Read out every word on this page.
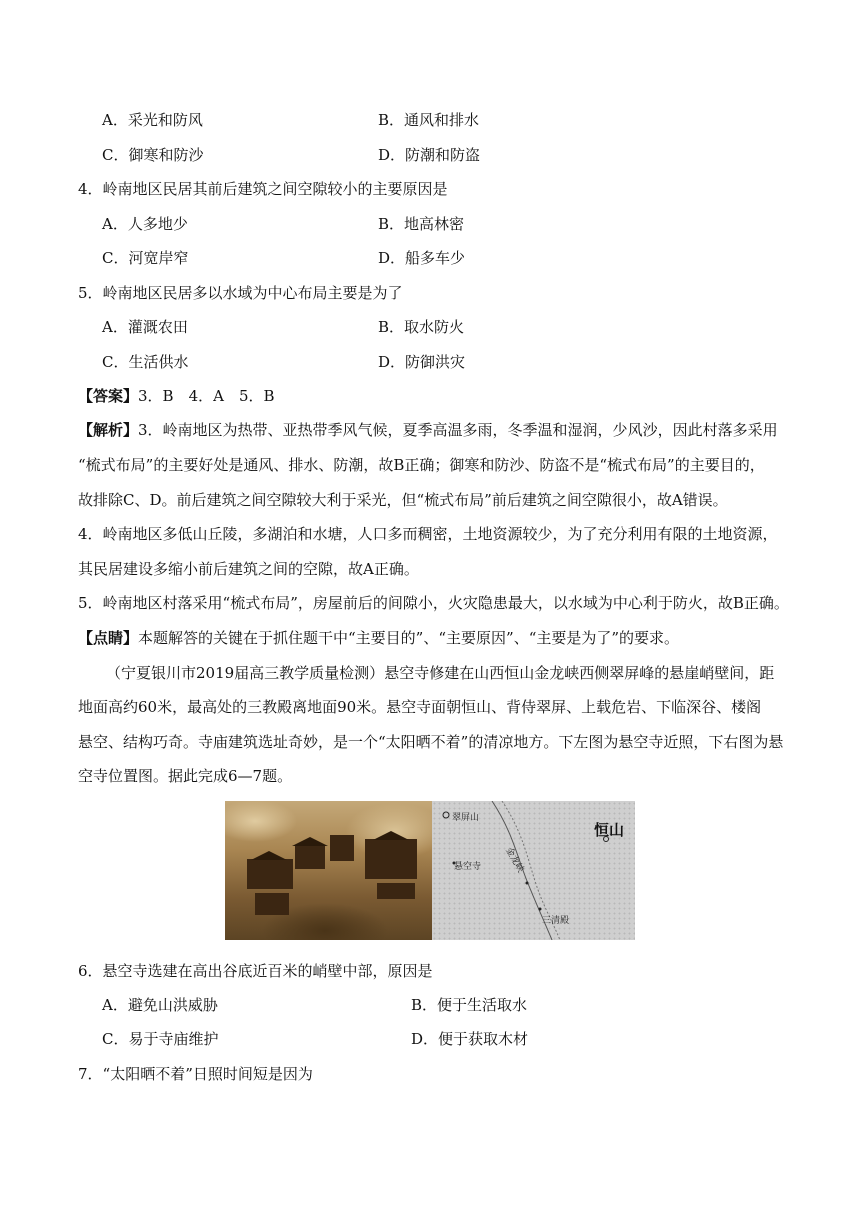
A．采光和防风	B．通风和排水
C．御寒和防沙	D．防潮和防盗
4．岭南地区民居其前后建筑之间空隙较小的主要原因是
A．人多地少	B．地高林密
C．河宽岸窄	D．船多车少
5．岭南地区民居多以水域为中心布局主要是为了
A．灌溉农田	B．取水防火
C．生活供水	D．防御洪灾
【答案】3．B　4．A　5．B
【解析】3．岭南地区为热带、亚热带季风气候，夏季高温多雨，冬季温和湿润，少风沙，因此村落多采用
“梳式布局”的主要好处是通风、排水、防潮，故B正确；御寒和防沙、防盗不是“梳式布局”的主要目的，
故排除C、D。前后建筑之间空隙较大利于采光，但“梳式布局”前后建筑之间空隙很小，故A错误。
4．岭南地区多低山丘陵，多湖泊和水塘，人口多而稠密，土地资源较少，为了充分利用有限的土地资源，
其民居建设多缩小前后建筑之间的空隙，故A正确。
5．岭南地区村落采用“梳式布局”，房屋前后的间隙小，火灾隐患最大，以水域为中心利于防火，故B正确。
【点睛】本题解答的关键在于抓住题干中“主要目的”、“主要原因”、“主要是为了”的要求。
（宁夏银川市2019届高三教学质量检测）悬空寺修建在山西恒山金龙峡西侧翠屏峰的悬崖峭壁间，距
地面高约60米，最高处的三教殿离地面90米。悬空寺面朝恒山、背侍翠屏、上载危岩、下临深谷、楼阁
悬空、结构巧奇。寺庙建筑选址奇妙，是一个“太阳晒不着”的清凉地方。下左图为悬空寺近照，下右图为悬
空寺位置图。据此完成6—7题。
翠屏山
恒山
金龙峡
悬空寺
三清殿
6．悬空寺选建在高出谷底近百米的峭壁中部，原因是
A．避免山洪威胁	B．便于生活取水
C．易于寺庙维护	D．便于获取木材
7．“太阳晒不着”日照时间短是因为
